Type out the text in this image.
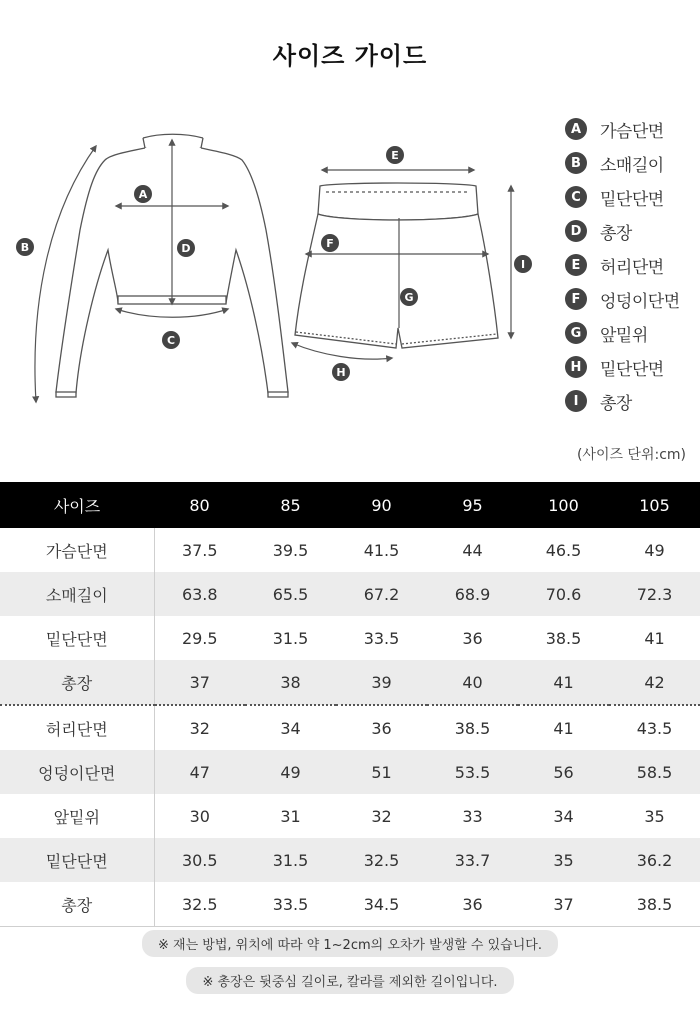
사이즈 가이드
A
B
C
D
E
F
G
H
I
A	가슴단면
B	소매길이
C	밑단단면
D	총장
E	허리단면
F	엉덩이단면
G	앞밑위
H	밑단단면
I	총장
(사이즈 단위:cm)
사이즈	80	85	90	95	100	105
가슴단면	37.5	39.5	41.5	44	46.5	49
소매길이	63.8	65.5	67.2	68.9	70.6	72.3
밑단단면	29.5	31.5	33.5	36	38.5	41
총장	37	38	39	40	41	42
허리단면	32	34	36	38.5	41	43.5
엉덩이단면	47	49	51	53.5	56	58.5
앞밑위	30	31	32	33	34	35
밑단단면	30.5	31.5	32.5	33.7	35	36.2
총장	32.5	33.5	34.5	36	37	38.5
※ 재는 방법, 위치에 따라 약 1~2cm의 오차가 발생할 수 있습니다.
※ 총장은 뒷중심 길이로, 칼라를 제외한 길이입니다.
